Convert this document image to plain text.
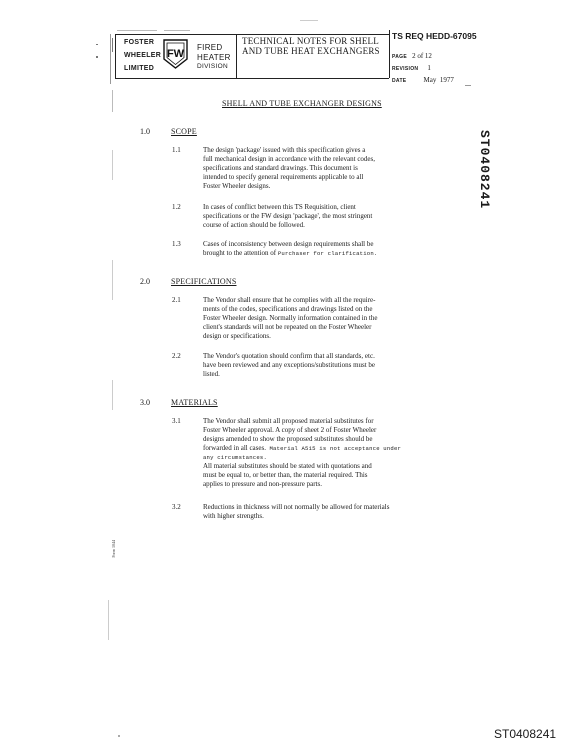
FOSTER
WHEELER
LIMITED
FW
FIRED
HEATER
DIVISION
TECHNICAL NOTES FOR SHELL
AND TUBE HEAT EXCHANGERS
TS REQ HEDD-67095
PAGE 2 of 12
REVISION 1
DATE May  1977
SHELL AND TUBE EXCHANGER DESIGNS
1.0	SCOPE
1.1	The design 'package' issued with this specification gives a
full mechanical design in accordance with the relevant codes,
specifications and standard drawings. This document is
intended to specify general requirements applicable to all
Foster Wheeler designs.
1.2	In cases of conflict between this TS Requisition, client
specifications or the FW design 'package', the most stringent
course of action should be followed.
1.3	Cases of inconsistency between design requirements shall be
brought to the attention of Purchaser for clarification.
2.0	SPECIFICATIONS
2.1	The Vendor shall ensure that he complies with all the require-
ments of the codes, specifications and drawings listed on the
Foster Wheeler design. Normally information contained in the
client's standards will not be repeated on the Foster Wheeler
design or specifications.
2.2	The Vendor's quotation should confirm that all standards, etc.
have been reviewed and any exceptions/substitutions must be
listed.
3.0	MATERIALS
3.1	The Vendor shall submit all proposed material substitutes for
Foster Wheeler approval. A copy of sheet 2 of Foster Wheeler
designs amended to show the proposed substitutes should be
forwarded in all cases.  Material A515 is not acceptance under
any circumstances.
All material substitutes should be stated with quotations and
must be equal to, or better than, the material required. This
applies to pressure and non-pressure parts.
3.2	Reductions in thickness will not normally be allowed for materials
with higher strengths.
ST0408241
Form 1044
ST0408241
